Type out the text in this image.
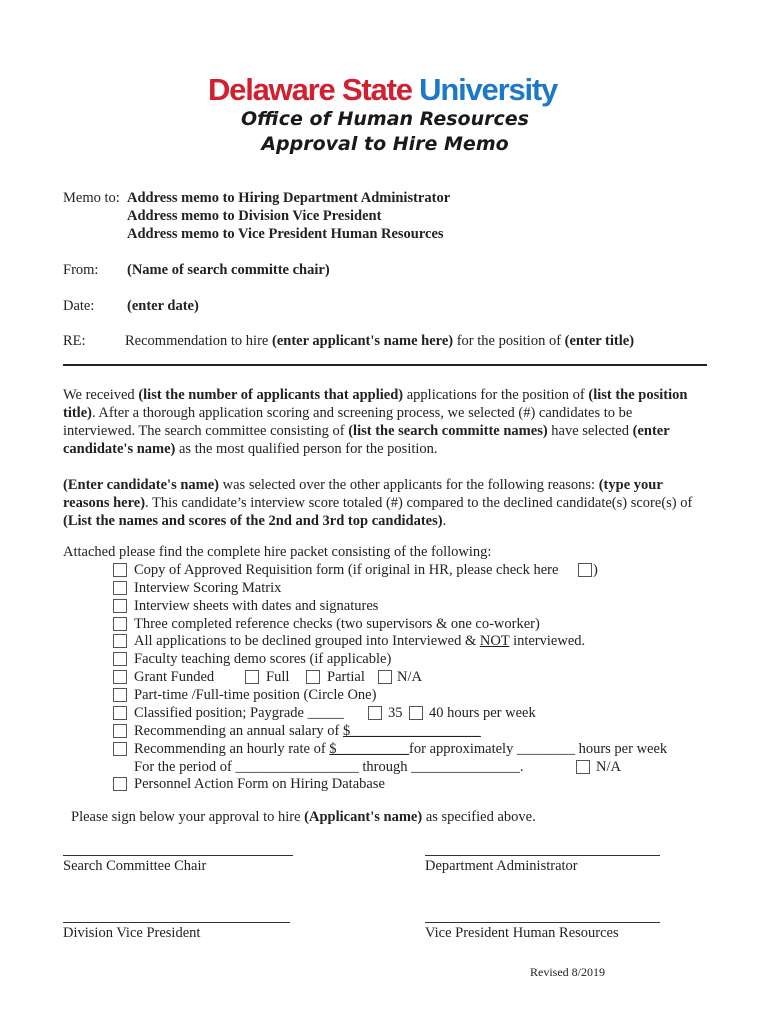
Delaware State University
Office of Human Resources
Approval to Hire Memo
Memo to: Address memo to Hiring Department Administrator
Address memo to Division Vice President
Address memo to Vice President Human Resources
From: (Name of search committe chair)
Date: (enter date)
RE:	Recommendation to hire (enter applicant's name here) for the position of (enter title)
We received (list the number of applicants that applied) applications for the position of (list the position title). After a thorough application scoring and screening process, we selected (#) candidates to be interviewed. The search committee consisting of (list the search committe names) have selected (enter candidate's name) as the most qualified person for the position.
(Enter candidate's name) was selected over the other applicants for the following reasons: (type your reasons here). This candidate’s interview score totaled (#) compared to the declined candidate(s) score(s) of (List the names and scores of the 2nd and 3rd top candidates).
Attached please find the complete hire packet consisting of the following:
Copy of Approved Requisition form (if original in HR, please check here )
Interview Scoring Matrix
Interview sheets with dates and signatures
Three completed reference checks (two supervisors & one co-worker)
All applications to be declined grouped into Interviewed & NOT interviewed.
Faculty teaching demo scores (if applicable)
Grant Funded	Full	Partial N/A
Part-time /Full-time position (Circle One)
Classified position; Paygrade _____	35 40 hours per week
Recommending an annual salary of $__________________
Recommending an hourly rate of $__________for approximately ________ hours per week
For the period of _________________ through _______________.	N/A
Personnel Action Form on Hiring Database
Please sign below your approval to hire (Applicant's name) as specified above.
Search Committee Chair	Department Administrator
Division Vice President	Vice President Human Resources
Revised 8/2019
